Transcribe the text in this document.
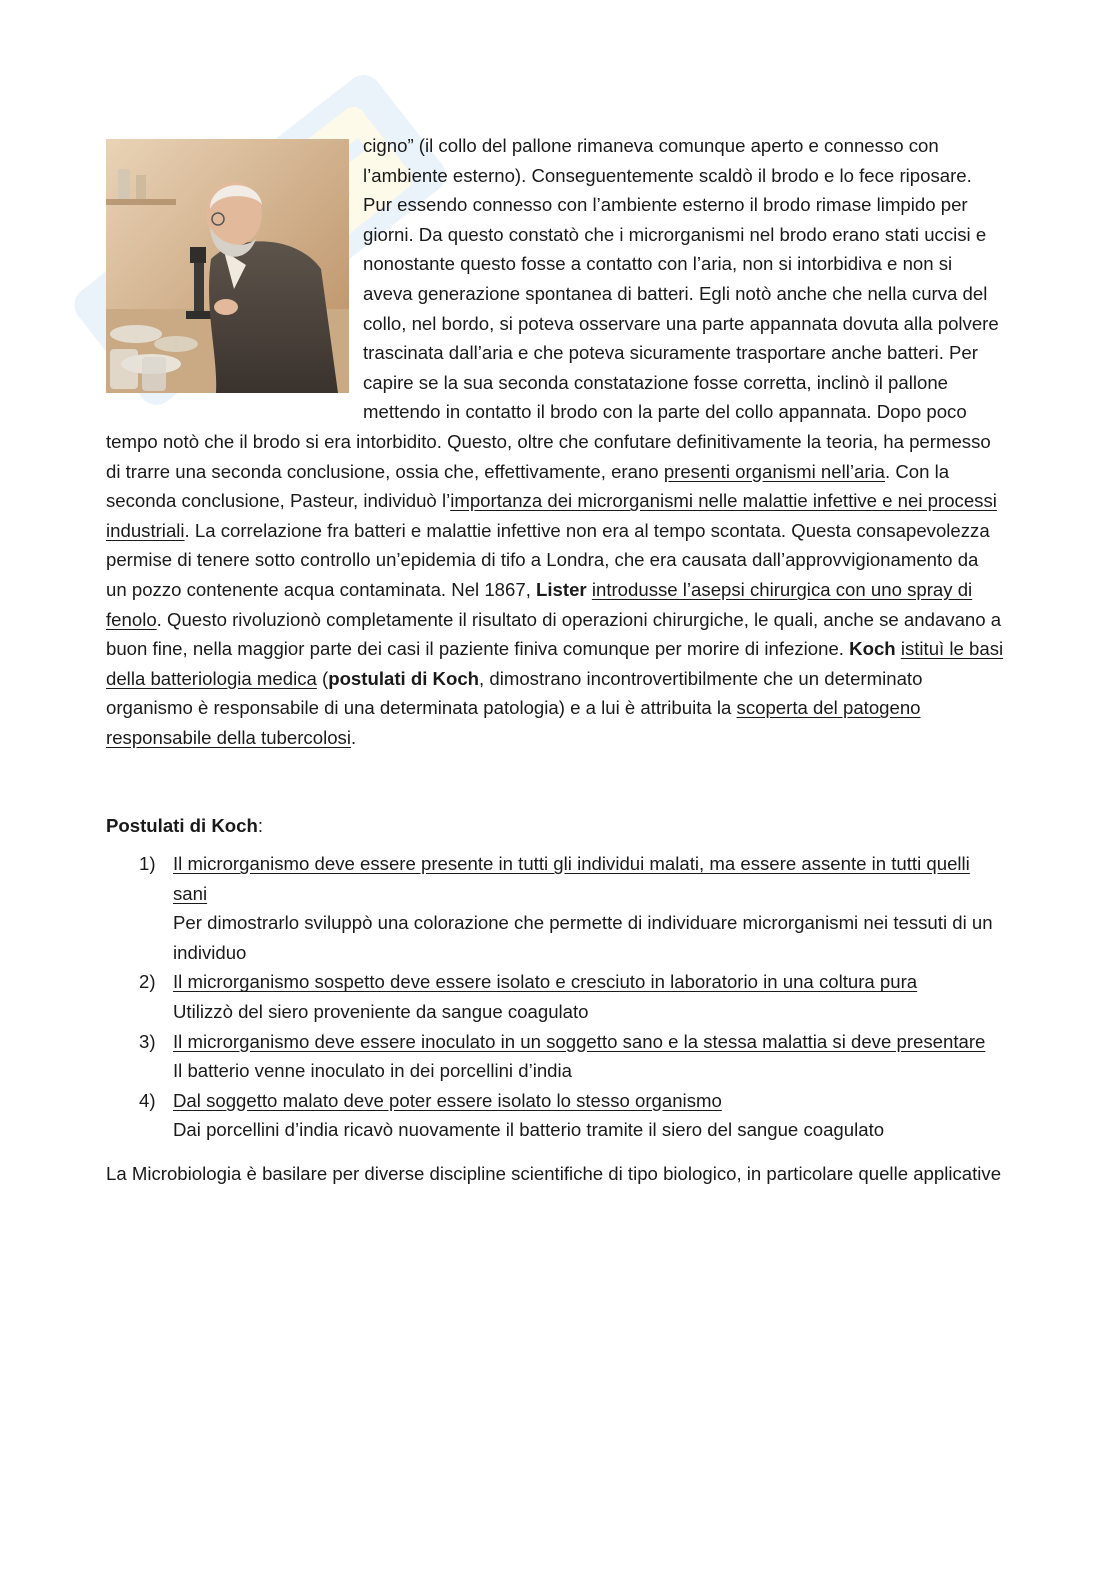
cigno” (il collo del pallone rimaneva comunque aperto e connesso con l’ambiente esterno). Conseguentemente scaldò il brodo e lo fece riposare. Pur essendo connesso con l’ambiente esterno il brodo rimase limpido per giorni. Da questo constatò che i microrganismi nel brodo erano stati uccisi e nonostante questo fosse a contatto con l’aria, non si intorbidiva e non si aveva generazione spontanea di batteri. Egli notò anche che nella curva del collo, nel bordo, si poteva osservare una parte appannata dovuta alla polvere trascinata dall’aria e che poteva sicuramente trasportare anche batteri. Per capire se la sua seconda constatazione fosse corretta, inclinò il pallone mettendo in contatto il brodo con la parte del collo appannata. Dopo poco tempo notò che il brodo si era intorbidito. Questo, oltre che confutare definitivamente la teoria, ha permesso di trarre una seconda conclusione, ossia che, effettivamente, erano presenti organismi nell’aria. Con la seconda conclusione, Pasteur, individuò l’importanza dei microrganismi nelle malattie infettive e nei processi industriali. La correlazione fra batteri e malattie infettive non era al tempo scontata. Questa consapevolezza permise di tenere sotto controllo un’epidemia di tifo a Londra, che era causata dall’approvvigionamento da un pozzo contenente acqua contaminata. Nel 1867, Lister introdusse l’asepsi chirurgica con uno spray di fenolo. Questo rivoluzionò completamente il risultato di operazioni chirurgiche, le quali, anche se andavano a buon fine, nella maggior parte dei casi il paziente finiva comunque per morire di infezione. Koch istituì le basi della batteriologia medica (postulati di Koch, dimostrano incontrovertibilmente che un determinato organismo è responsabile di una determinata patologia) e a lui è attribuita la scoperta del patogeno responsabile della tubercolosi.

Postulati di Koch:

1) Il microrganismo deve essere presente in tutti gli individui malati, ma essere assente in tutti quelli sani
Per dimostrarlo sviluppò una colorazione che permette di individuare microrganismi nei tessuti di un individuo
2) Il microrganismo sospetto deve essere isolato e cresciuto in laboratorio in una coltura pura
Utilizzò del siero proveniente da sangue coagulato
3) Il microrganismo deve essere inoculato in un soggetto sano e la stessa malattia si deve presentare
Il batterio venne inoculato in dei porcellini d’india
4) Dal soggetto malato deve poter essere isolato lo stesso organismo
Dai porcellini d’india ricavò nuovamente il batterio tramite il siero del sangue coagulato

La Microbiologia è basilare per diverse discipline scientifiche di tipo biologico, in particolare quelle applicative
